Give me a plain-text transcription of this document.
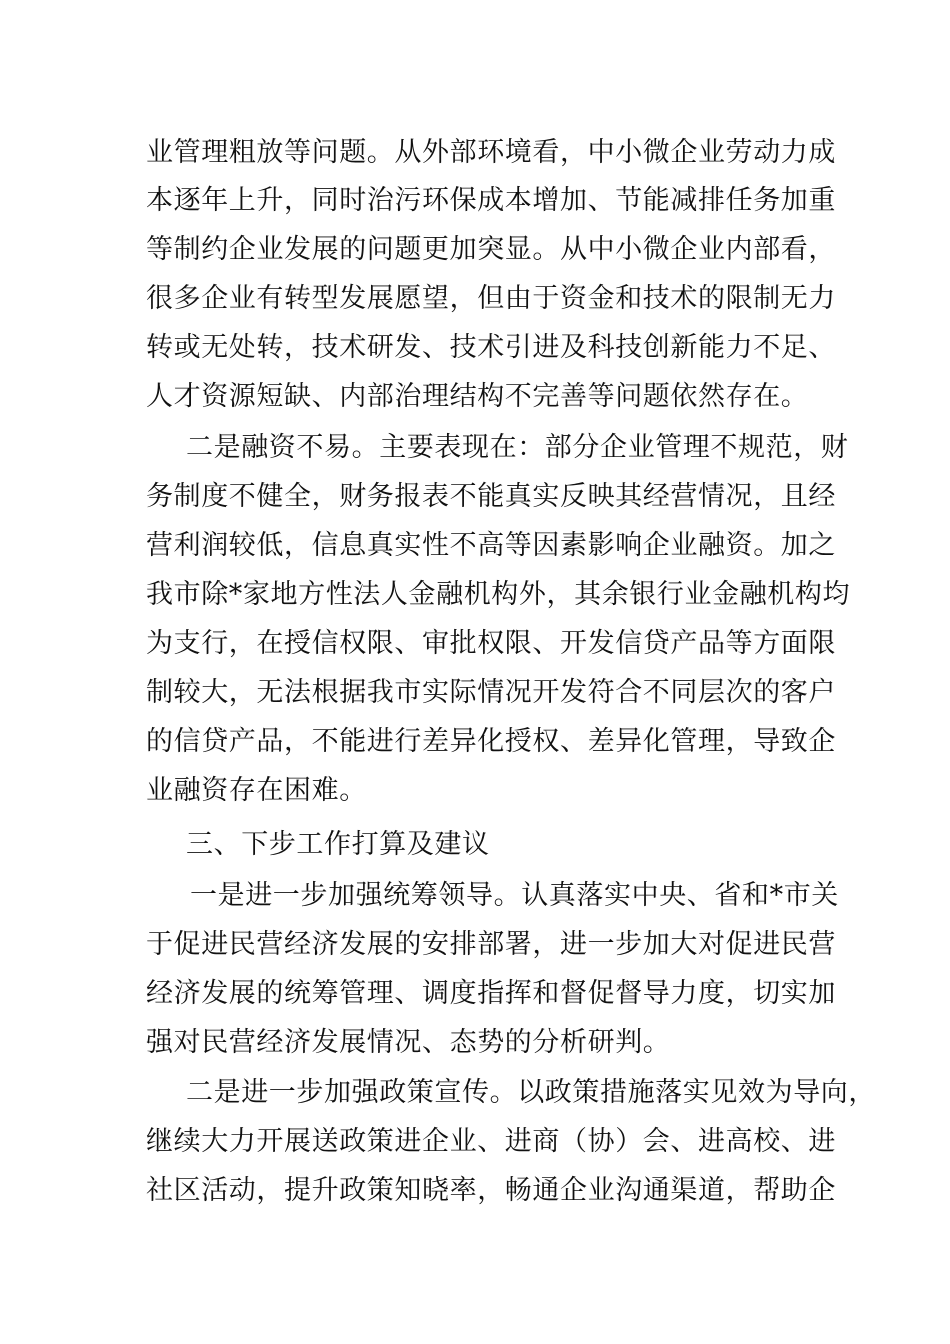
业管理粗放等问题。从外部环境看，中小微企业劳动力成
本逐年上升，同时治污环保成本增加、节能减排任务加重
等制约企业发展的问题更加突显。从中小微企业内部看，
很多企业有转型发展愿望，但由于资金和技术的限制无力
转或无处转，技术研发、技术引进及科技创新能力不足、
人才资源短缺、内部治理结构不完善等问题依然存在。
二是融资不易。主要表现在：部分企业管理不规范，财
务制度不健全，财务报表不能真实反映其经营情况，且经
营利润较低，信息真实性不高等因素影响企业融资。加之
我市除*家地方性法人金融机构外，其余银行业金融机构均
为支行，在授信权限、审批权限、开发信贷产品等方面限
制较大，无法根据我市实际情况开发符合不同层次的客户
的信贷产品，不能进行差异化授权、差异化管理，导致企
业融资存在困难。
三、下步工作打算及建议
一是进一步加强统筹领导。认真落实中央、省和*市关
于促进民营经济发展的安排部署，进一步加大对促进民营
经济发展的统筹管理、调度指挥和督促督导力度，切实加
强对民营经济发展情况、态势的分析研判。
二是进一步加强政策宣传。以政策措施落实见效为导向，
继续大力开展送政策进企业、进商（协）会、进高校、进
社区活动，提升政策知晓率，畅通企业沟通渠道，帮助企
